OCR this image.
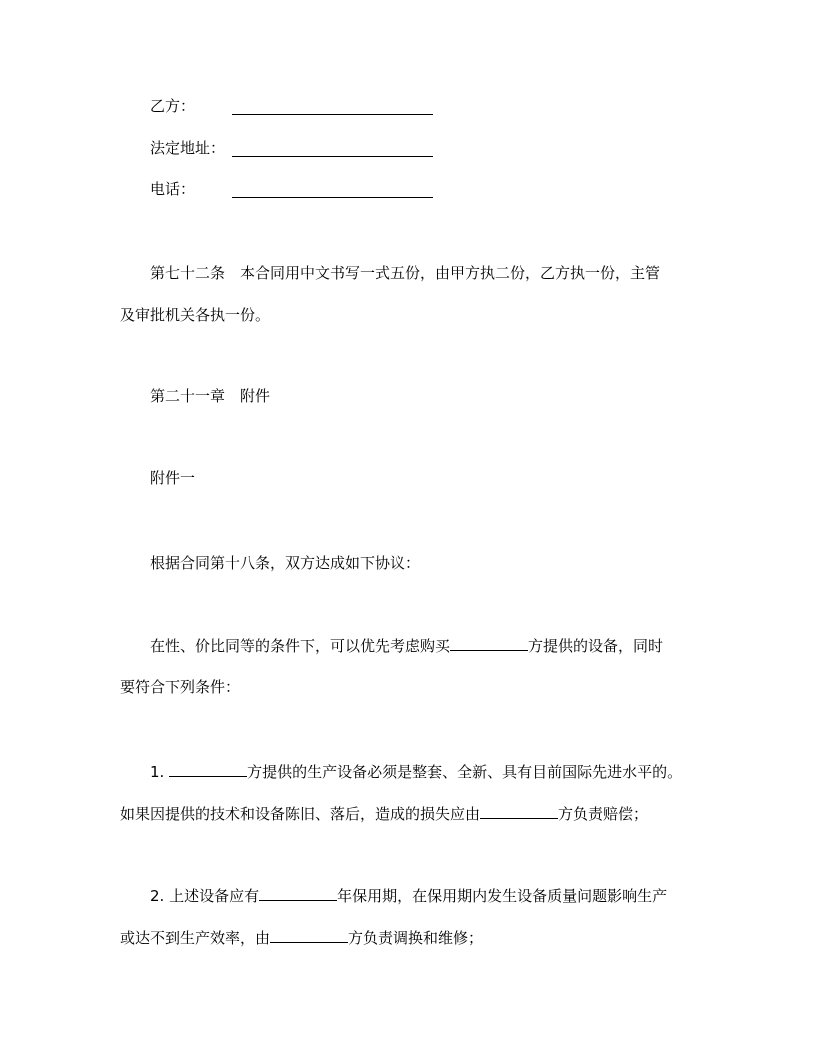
乙方：
法定地址：
电话：
第七十二条　本合同用中文书写一式五份，由甲方执二份，乙方执一份，主管
及审批机关各执一份。
第二十一章　附件
附件一
根据合同第十八条，双方达成如下协议：
在性、价比同等的条件下，可以优先考虑购买	方提供的设备，同时
要符合下列条件：
1.	方提供的生产设备必须是整套、全新、具有目前国际先进水平的。
如果因提供的技术和设备陈旧、落后，造成的损失应由	方负责赔偿；
2. 上述设备应有	年保用期，在保用期内发生设备质量问题影响生产
或达不到生产效率，由	方负责调换和维修；
